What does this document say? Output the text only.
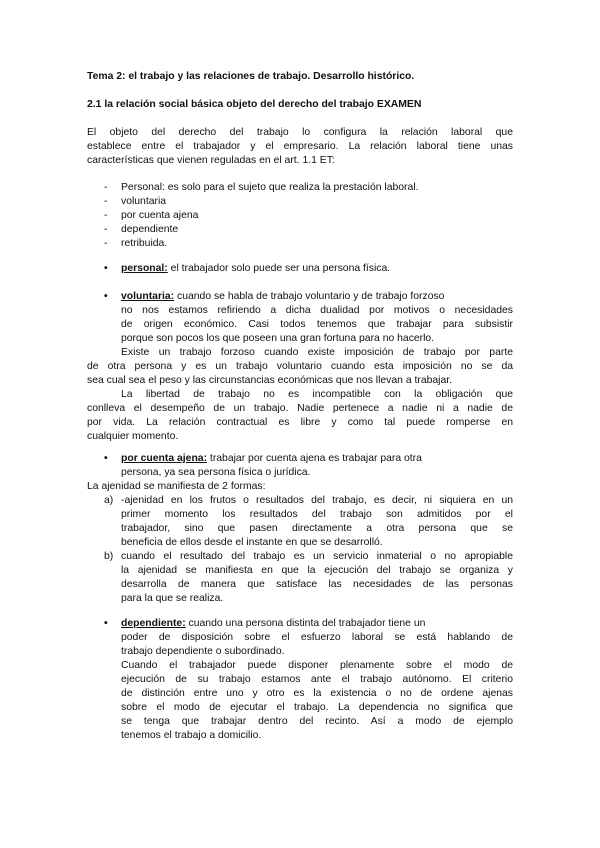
Tema 2: el trabajo y las relaciones de trabajo. Desarrollo histórico.
2.1 la relación social básica objeto del derecho del trabajo EXAMEN
El objeto del derecho del trabajo lo configura la relación laboral que
establece entre el trabajador y el empresario. La relación laboral tiene unas
características que vienen reguladas en el art. 1.1 ET:
- Personal: es solo para el sujeto que realiza la prestación laboral.
- voluntaria
- por cuenta ajena
- dependiente
- retribuida.
• personal: el trabajador solo puede ser una persona física.
• voluntaria: cuando se habla de trabajo voluntario y de trabajo forzoso
no nos estamos refiriendo a dicha dualidad por motivos o necesidades
de origen económico. Casi todos tenemos que trabajar para subsistir
porque son pocos los que poseen una gran fortuna para no hacerlo.
Existe un trabajo forzoso cuando existe imposición de trabajo por parte
de otra persona y es un trabajo voluntario cuando esta imposición no se da
sea cual sea el peso y las circunstancias económicas que nos llevan a trabajar.
La libertad de trabajo no es incompatible con la obligación que
conlleva el desempeño de un trabajo. Nadie pertenece a nadie ni a nadie de
por vida. La relación contractual es libre y como tal puede romperse en
cualquier momento.
• por cuenta ajena: trabajar por cuenta ajena es trabajar para otra
persona, ya sea persona física o jurídica.
La ajenidad se manifiesta de 2 formas:
a) -ajenidad en los frutos o resultados del trabajo, es decir, ni siquiera en un
primer momento los resultados del trabajo son admitidos por el
trabajador, sino que pasen directamente a otra persona que se
beneficia de ellos desde el instante en que se desarrolló.
b) cuando el resultado del trabajo es un servicio inmaterial o no apropiable
la ajenidad se manifiesta en que la ejecución del trabajo se organiza y
desarrolla de manera que satisface las necesidades de las personas
para la que se realiza.
• dependiente: cuando una persona distinta del trabajador tiene un
poder de disposición sobre el esfuerzo laboral se está hablando de
trabajo dependiente o subordinado.
Cuando el trabajador puede disponer plenamente sobre el modo de
ejecución de su trabajo estamos ante el trabajo autónomo. El criterio
de distinción entre uno y otro es la existencia o no de ordene ajenas
sobre el modo de ejecutar el trabajo. La dependencia no significa que
se tenga que trabajar dentro del recinto. Así a modo de ejemplo
tenemos el trabajo a domicilio.
